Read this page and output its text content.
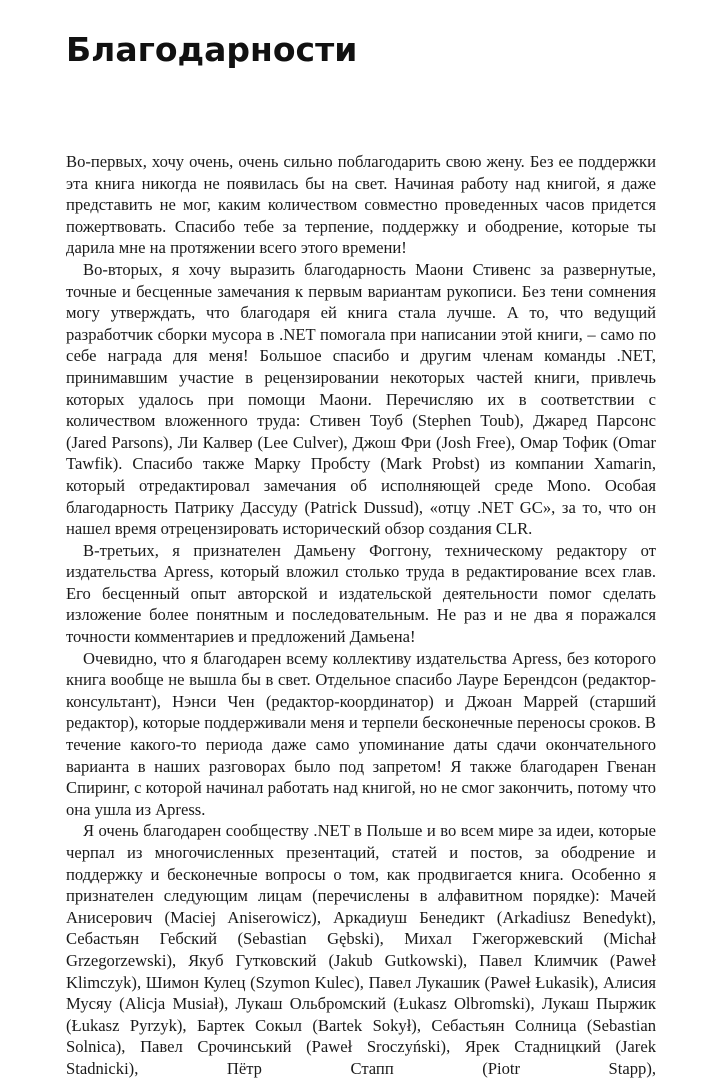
Благодарности

Во-первых, хочу очень, очень сильно поблагодарить свою жену. Без ее поддержки эта книга никогда не появилась бы на свет. Начиная работу над книгой, я даже представить не мог, каким количеством совместно проведенных часов придется пожертвовать. Спасибо тебе за терпение, поддержку и ободрение, которые ты дарила мне на протяжении всего этого времени!

Во-вторых, я хочу выразить благодарность Маони Стивенс за развернутые, точные и бесценные замечания к первым вариантам рукописи. Без тени сомнения могу утверждать, что благодаря ей книга стала лучше. А то, что ведущий разработчик сборки мусора в .NET помогала при написании этой книги, – само по себе награда для меня! Большое спасибо и другим членам команды .NET, принимавшим участие в рецензировании некоторых частей книги, привлечь которых удалось при помощи Маони. Перечисляю их в соответствии с количеством вложенного труда: Стивен Тоуб (Stephen Toub), Джаред Парсонс (Jared Parsons), Ли Калвер (Lee Culver), Джош Фри (Josh Free), Омар Тофик (Omar Tawfik). Спасибо также Марку Пробсту (Mark Probst) из компании Xamarin, который отредактировал замечания об исполняющей среде Mono. Особая благодарность Патрику Дассуду (Patrick Dussud), «отцу .NET GC», за то, что он нашел время отрецензировать исторический обзор создания CLR.

В-третьих, я признателен Дамьену Фоггону, техническому редактору от издательства Apress, который вложил столько труда в редактирование всех глав. Его бесценный опыт авторской и издательской деятельности помог сделать изложение более понятным и последовательным. Не раз и не два я поражался точности комментариев и предложений Дамьена!

Очевидно, что я благодарен всему коллективу издательства Apress, без которого книга вообще не вышла бы в свет. Отдельное спасибо Лауре Берендсон (редактор-консультант), Нэнси Чен (редактор-координатор) и Джоан Маррей (старший редактор), которые поддерживали меня и терпели бесконечные переносы сроков. В течение какого-то периода даже само упоминание даты сдачи окончательного варианта в наших разговорах было под запретом! Я также благодарен Гвенан Спиринг, с которой начинал работать над книгой, но не смог закончить, потому что она ушла из Apress.

Я очень благодарен сообществу .NET в Польше и во всем мире за идеи, которые черпал из многочисленных презентаций, статей и постов, за ободрение и поддержку и бесконечные вопросы о том, как продвигается книга. Особенно я признателен следующим лицам (перечислены в алфавитном порядке): Мачей Анисерович (Maciej Aniserowicz), Аркадиуш Бенедикт (Arkadiusz Benedykt), Себастьян Гебский (Sebastian Gębski), Михал Гжегоржевский (Michał Grzegorzewski), Якуб Гутковский (Jakub Gutkowski), Павел Климчик (Paweł Klimczyk), Шимон Кулец (Szymon Kulec), Павел Лукашик (Paweł Łukasik), Алисия Мусяу (Alicja Musiał), Лукаш Ольбромский (Łukasz Olbromski), Лукаш Пыржик (Łukasz Pyrzyk), Бартек Сокыл (Bartek Sokył), Себастьян Солница (Sebastian Solnica), Павел Срочинський (Paweł Sroczyński), Ярек Стадницкий (Jarek Stadnicki), Пётр Стапп (Piotr Stapp),
